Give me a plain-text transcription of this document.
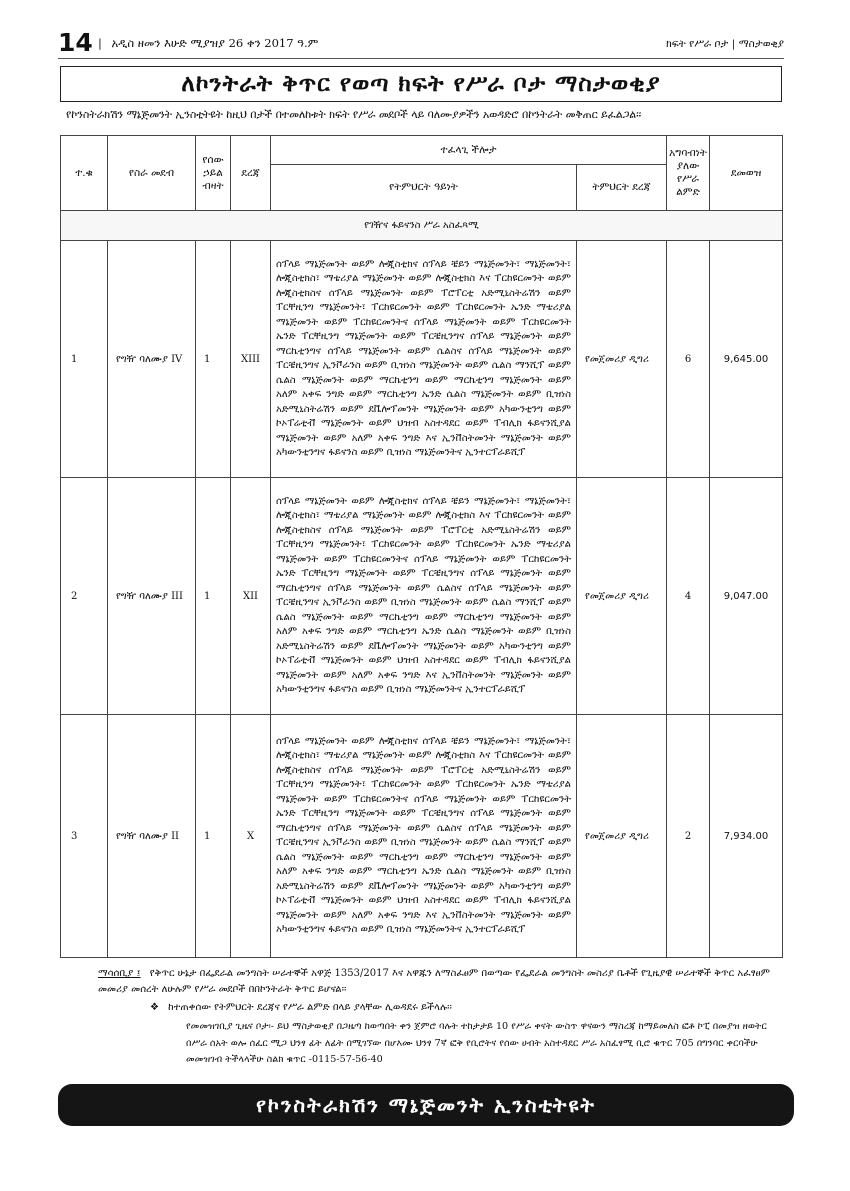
14 | አዲስ ዘመን እሁድ ሚያዝያ 26 ቀን 2017 ዓ.ም	ክፍት የሥራ ቦታ | ማስታወቂያ
ለኮንትራት ቅጥር የወጣ ክፍት የሥራ ቦታ ማስታወቂያ
የኮንስትራክሽን ማኔጅመንት ኢንስቲትዩት ከዚህ በታች በተመለከቱት ክፍት የሥራ መደቦች ላይ ባለሙያዎችን አወዳድሮ በኮንትራት መቅጠር ይፈልጋል፡፡
ተ.ቁ	የስራ መደብ	የሰው ኃይል ብዛት	ደረጃ	ተፈላጊ ችሎታ		አግባብነት ያለው የሥራ ልምድ	ደመወዝ
				የትምህርት ዓይነት	ትምህርት ደረጃ		
የገዥና ፋይናንስ ሥራ አስፈጻሚ							
1	የግዥ ባለሙያ IV	1	XIII	ሰፕላይ ማኔጅመንት ወይም ሎጂስቲክና ሰፕላይ ቼይን ማኔጅመንት፣ ማኔጅመንት፣ ሎጂስቲክስ፣ ማቴሪያል ማኔጅመንት ወይም ሎጂስቲክስ እና ፐርከዩርመንት ወይም ሎጂስቲክስና ሰፕላይ ማኔጅመንት ወይም ፐሮፐርቲ አድሚኒስትሬሽን ወይም ፐርቸዚንግ ማኔጅመንት፣ ፐርከዩርመንት ወይም ፐርከዩርመንት ኤንድ ማቴሪያል ማኔጅመንት ወይም ፐርከዩርመንትና ሰፕላይ ማኔጅመንት ወይም ፐርከዩርመንት ኤንድ ፐርቸዚንግ ማኔጅመንት ወይም ፐርቼዚንግና ሰፕላይ ማኔጅመንት ወይም ማርኬቲንግና ሰፕላይ ማኔጅመንት ወይም ሴልስና ሰፕላይ ማኔጅመንት ወይም ፐርቼዚንግና ኢንቮራንስ ወይም ቢዝነስ ማኔጅመንት ወይም ሴልስ ማንሺፕ ወይም ሴልስ ማኔጅመንት ወይም ማርኬቲንግ ወይም ማርኬቲንግ ማኔጅመንት ወይም አለም አቀፍ ንግድ ወይም ማርኬቲንግ ኤንድ ሴልስ ማኔጅመንት ወይም ቢዝነስ አድሚኒስትሬሽን ወይም ደቬሎፕመንት ማኔጅመንት ወይም አካውንቲንግ ወይም ኮኦፐሬቲቭ ማኔጅመንት ወይም ህዝብ አስተዳደር ወይም ፐብሊክ ፋይናንሺያል ማኔጅመንት ወይም አለም አቀፍ ንግድ እና ኢንቨስትመንት ማኔጅመንት ወይም አካውንቲንግና ፋይናንስ ወይም ቢዝነስ ማኔጅመንትና ኢንተርፕራይሺፕ	የመጀመሪያ ዲግሪ	6	9,645.00
2	የግዥ ባለሙያ III	1	XII	ሰፕላይ ማኔጅመንት ወይም ሎጂስቲክና ሰፕላይ ቼይን ማኔጅመንት፣ ማኔጅመንት፣ ሎጂስቲክስ፣ ማቴሪያል ማኔጅመንት ወይም ሎጂስቲክስ እና ፐርከዩርመንት ወይም ሎጂስቲክስና ሰፕላይ ማኔጅመንት ወይም ፐሮፐርቲ አድሚኒስትሬሽን ወይም ፐርቸዚንግ ማኔጅመንት፣ ፐርከዩርመንት ወይም ፐርከዩርመንት ኤንድ ማቴሪያል ማኔጅመንት ወይም ፐርከዩርመንትና ሰፕላይ ማኔጅመንት ወይም ፐርከዩርመንት ኤንድ ፐርቸዚንግ ማኔጅመንት ወይም ፐርቼዚንግና ሰፕላይ ማኔጅመንት ወይም ማርኬቲንግና ሰፕላይ ማኔጅመንት ወይም ሴልስና ሰፕላይ ማኔጅመንት ወይም ፐርቼዚንግና ኢንቮራንስ ወይም ቢዝነስ ማኔጅመንት ወይም ሴልስ ማንሺፕ ወይም ሴልስ ማኔጅመንት ወይም ማርኬቲንግ ወይም ማርኬቲንግ ማኔጅመንት ወይም አለም አቀፍ ንግድ ወይም ማርኬቲንግ ኤንድ ሴልስ ማኔጅመንት ወይም ቢዝነስ አድሚኒስትሬሽን ወይም ደቬሎፕመንት ማኔጅመንት ወይም አካውንቲንግ ወይም ኮኦፐሬቲቭ ማኔጅመንት ወይም ህዝብ አስተዳደር ወይም ፐብሊክ ፋይናንሺያል ማኔጅመንት ወይም አለም አቀፍ ንግድ እና ኢንቨስትመንት ማኔጅመንት ወይም አካውንቲንግና ፋይናንስ ወይም ቢዝነስ ማኔጅመንትና ኢንተርፕራይሺፕ	የመጀመሪያ ዲግሪ	4	9,047.00
3	የግዥ ባለሙያ II	1	X	ሰፕላይ ማኔጅመንት ወይም ሎጂስቲክና ሰፕላይ ቼይን ማኔጅመንት፣ ማኔጅመንት፣ ሎጂስቲክስ፣ ማቴሪያል ማኔጅመንት ወይም ሎጂስቲክስ እና ፐርከዩርመንት ወይም ሎጂስቲክስና ሰፕላይ ማኔጅመንት ወይም ፐሮፐርቲ አድሚኒስትሬሽን ወይም ፐርቸዚንግ ማኔጅመንት፣ ፐርከዩርመንት ወይም ፐርከዩርመንት ኤንድ ማቴሪያል ማኔጅመንት ወይም ፐርከዩርመንትና ሰፕላይ ማኔጅመንት ወይም ፐርከዩርመንት ኤንድ ፐርቸዚንግ ማኔጅመንት ወይም ፐርቼዚንግና ሰፕላይ ማኔጅመንት ወይም ማርኬቲንግና ሰፕላይ ማኔጅመንት ወይም ሴልስና ሰፕላይ ማኔጅመንት ወይም ፐርቼዚንግና ኢንቮራንስ ወይም ቢዝነስ ማኔጅመንት ወይም ሴልስ ማንሺፕ ወይም ሴልስ ማኔጅመንት ወይም ማርኬቲንግ ወይም ማርኬቲንግ ማኔጅመንት ወይም አለም አቀፍ ንግድ ወይም ማርኬቲንግ ኤንድ ሴልስ ማኔጅመንት ወይም ቢዝነስ አድሚኒስትሬሽን ወይም ደቬሎፕመንት ማኔጅመንት ወይም አካውንቲንግ ወይም ኮኦፐሬቲቭ ማኔጅመንት ወይም ህዝብ አስተዳደር ወይም ፐብሊክ ፋይናንሺያል ማኔጅመንት ወይም አለም አቀፍ ንግድ እና ኢንቨስትመንት ማኔጅመንት ወይም አካውንቲንግና ፋይናንስ ወይም ቢዝነስ ማኔጅመንትና ኢንተርፕራይሺፕ	የመጀመሪያ ዲግሪ	2	7,934.00
ማሳሰቢያ ፤ የቅጥር ሁኔታ በፌደራል መንግስት ሠራተኞች አዋጅ 1353/2017 እና አዋጁን ለማስፈፀም በወጣው የፌደራል መንግስት መስሪያ ቤቶች የጊዜያዊ ሠራተኞች ቅጥር አፈፃፀም መመሪያ መሰረት ለሁሉም የሥራ መደቦች በበኮንትራት ቅጥር ይሆናል፡፡
❖ ከተጠቀሰው የትምህርት ደረጃና የሥራ ልምድ በላይ ያላቸው ሊወዳደሩ ይችላሉ፡፡
የመመዝገቢያ ጊዜና ቦታ፡- ይህ ማስታወቂያ በጋዜጣ ከወጣበት ቀን ጀምሮ ባሉት ተከታታይ 10 የሥራ ቀናት ውስጥ ዋናውን ማስረጃ ከማይመለስ ፎቶ ኮፒ በመያዝ ዘወትር በሥራ ሰአት ወሎ ሰፈር ሚጋ ህንፃ ፊት ለፊት በሚገኘው በሆእሙ ህንፃ 7ኛ ፎቅ የቢሮትና የሰው ሀብት አስተዳደር ሥራ አስፈፃሚ ቢሮ ቁጥር 705 በግንባር ቀርባችሁ መመዝገብ ትችላላችሁ ስልክ ቁጥር -0115-57-56-40
የኮንስትራክሽን ማኔጅመንት ኢንስቲትዩት
